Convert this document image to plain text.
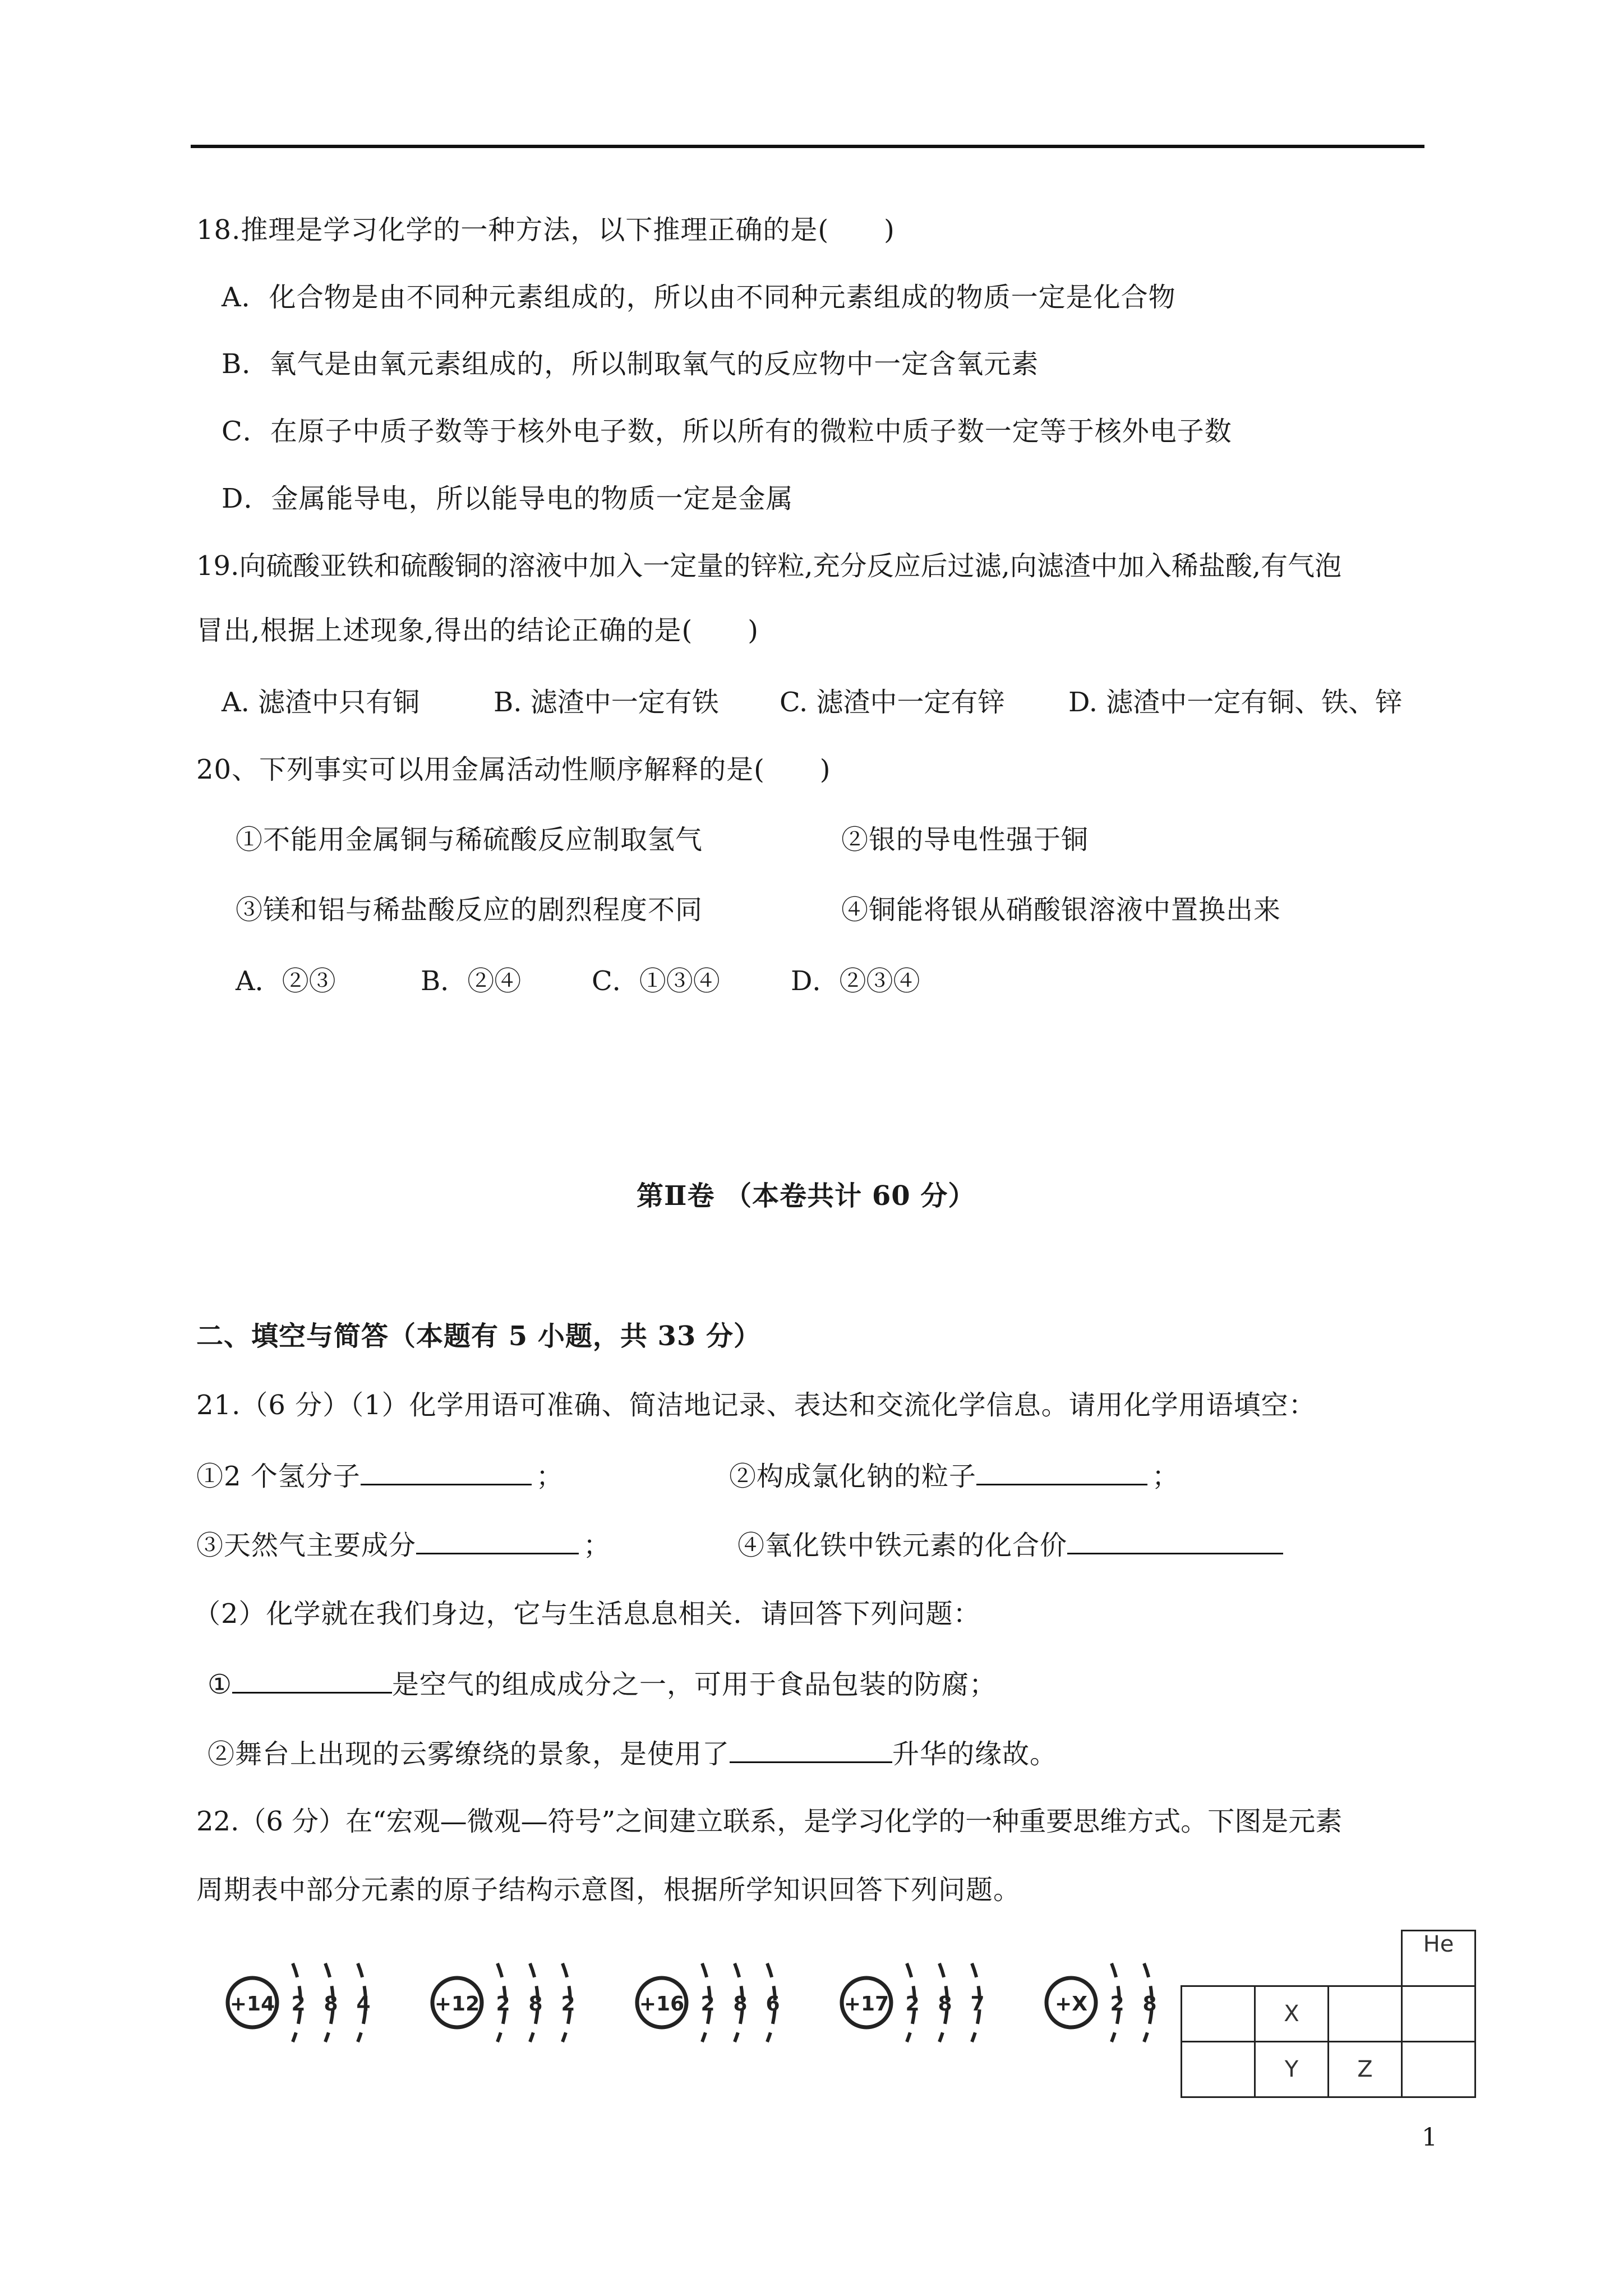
18.推理是学习化学的一种方法，以下推理正确的是(　　)
A．化合物是由不同种元素组成的，所以由不同种元素组成的物质一定是化合物
B．氧气是由氧元素组成的，所以制取氧气的反应物中一定含氧元素
C．在原子中质子数等于核外电子数，所以所有的微粒中质子数一定等于核外电子数
D．金属能导电，所以能导电的物质一定是金属
19.向硫酸亚铁和硫酸铜的溶液中加入一定量的锌粒,充分反应后过滤,向滤渣中加入稀盐酸,有气泡
冒出,根据上述现象,得出的结论正确的是(　　)
A. 滤渣中只有铜	B. 滤渣中一定有铁 C. 滤渣中一定有锌 D. 滤渣中一定有铜、铁、锌
20、下列事实可以用金属活动性顺序解释的是(　　)
①不能用金属铜与稀硫酸反应制取氢气	②银的导电性强于铜
③镁和铝与稀盐酸反应的剧烈程度不同	④铜能将银从硝酸银溶液中置换出来
A．②③	B．②④	C．①③④	D．②③④
第Ⅱ卷 （本卷共计 60 分）
二、填空与简答（本题有 5 小题，共 33 分）
21.（6 分）（1）化学用语可准确、简洁地记录、表达和交流化学信息。请用化学用语填空：
①2 个氢分子	；	②构成氯化钠的粒子	；
③天然气主要成分	；	④氧化铁中铁元素的化合价
（2）化学就在我们身边，它与生活息息相关．请回答下列问题：
①	是空气的组成成分之一，可用于食品包装的防腐；
②舞台上出现的云雾缭绕的景象，是使用了	升华的缘故。
22.（6 分）在“宏观—微观—符号”之间建立联系，是学习化学的一种重要思维方式。下图是元素
周期表中部分元素的原子结构示意图，根据所学知识回答下列问题。
+14 2 8 4	+12 2 8 2	+16 2 8 6	+17 2 8 7	+X 2 8
			He
	X		
	Y	Z	
1
